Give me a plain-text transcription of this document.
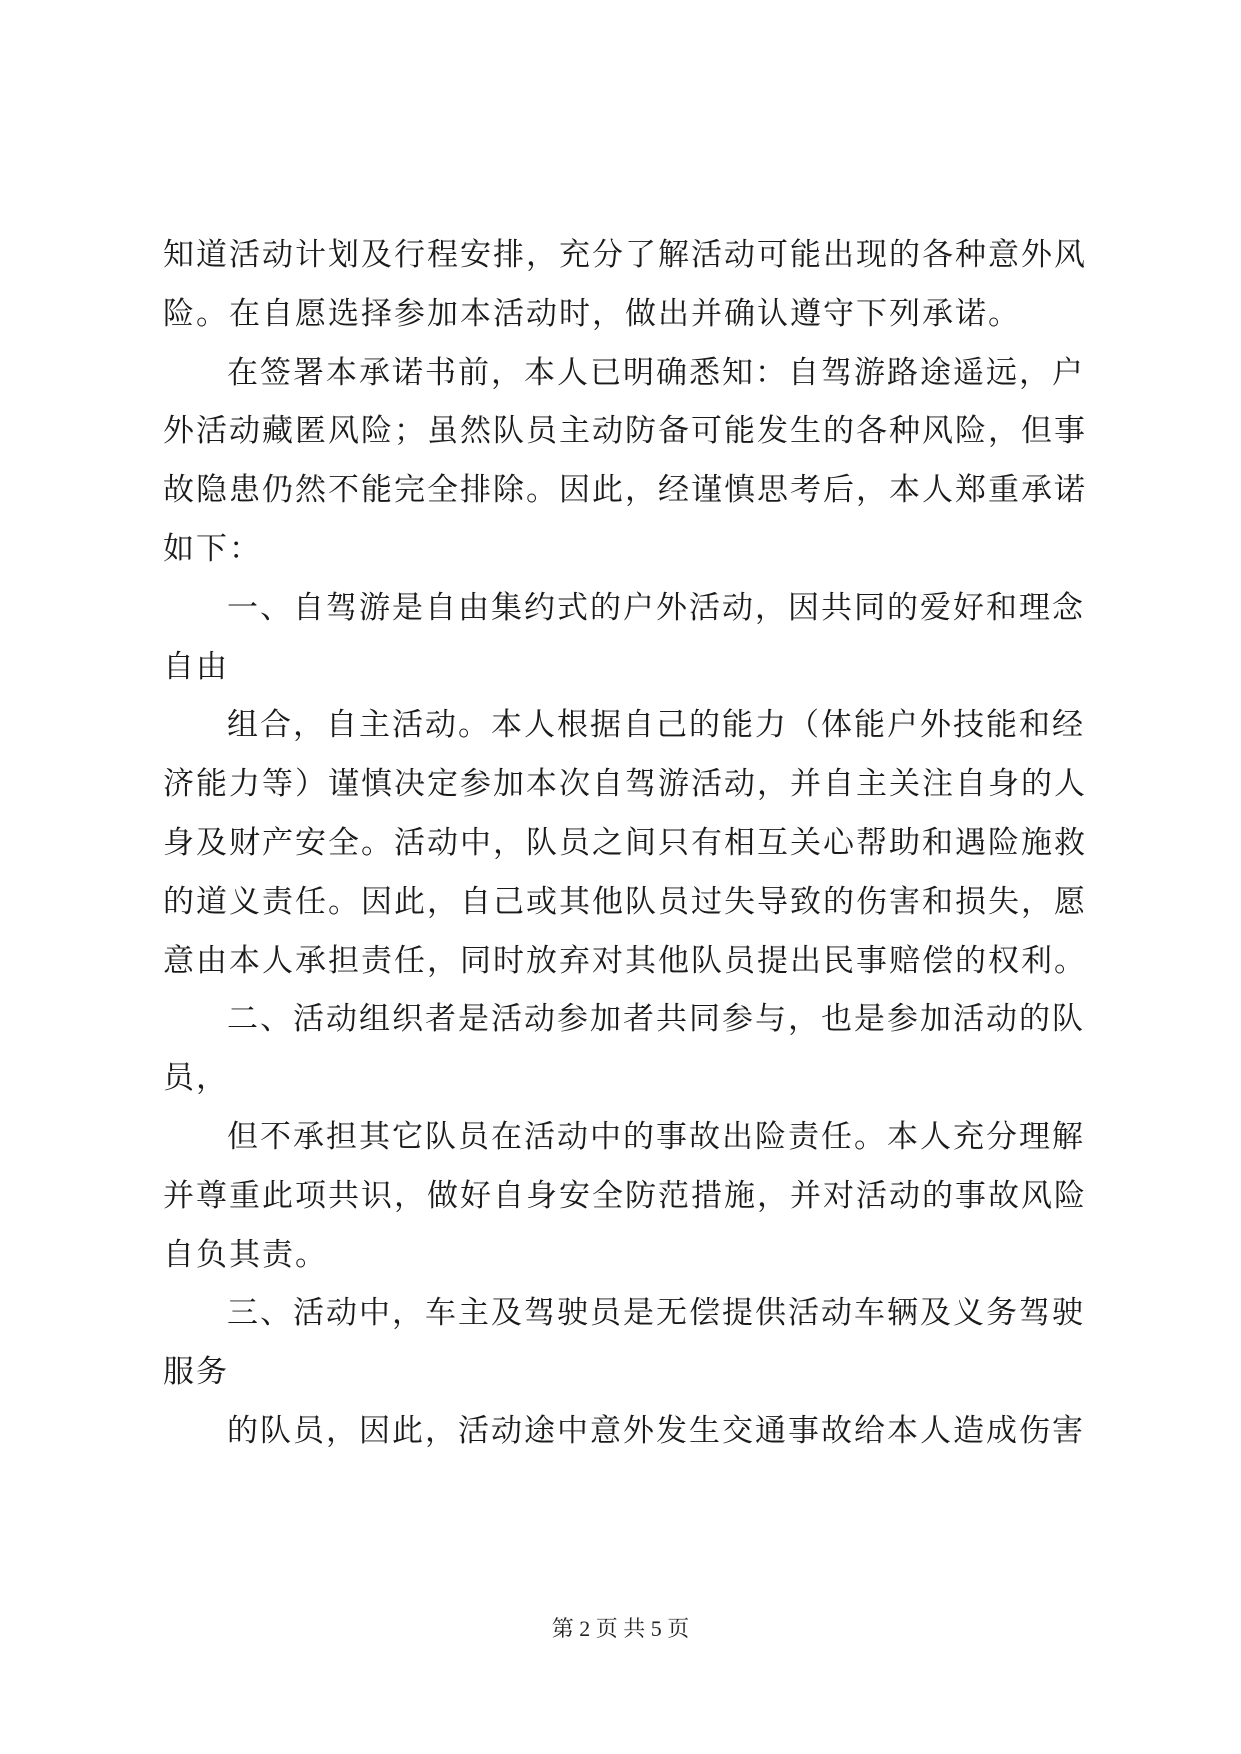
知道活动计划及行程安排，充分了解活动可能出现的各种意外风
险。在自愿选择参加本活动时，做出并确认遵守下列承诺。
在签署本承诺书前，本人已明确悉知：自驾游路途遥远，户
外活动藏匿风险；虽然队员主动防备可能发生的各种风险，但事
故隐患仍然不能完全排除。因此，经谨慎思考后，本人郑重承诺
如下：
一、自驾游是自由集约式的户外活动，因共同的爱好和理念
自由
组合，自主活动。本人根据自己的能力（体能户外技能和经
济能力等）谨慎决定参加本次自驾游活动，并自主关注自身的人
身及财产安全。活动中，队员之间只有相互关心帮助和遇险施救
的道义责任。因此，自己或其他队员过失导致的伤害和损失，愿
意由本人承担责任，同时放弃对其他队员提出民事赔偿的权利。
二、活动组织者是活动参加者共同参与，也是参加活动的队
员，
但不承担其它队员在活动中的事故出险责任。本人充分理解
并尊重此项共识，做好自身安全防范措施，并对活动的事故风险
自负其责。
三、活动中，车主及驾驶员是无偿提供活动车辆及义务驾驶
服务
的队员，因此，活动途中意外发生交通事故给本人造成伤害
第 2 页 共 5 页
